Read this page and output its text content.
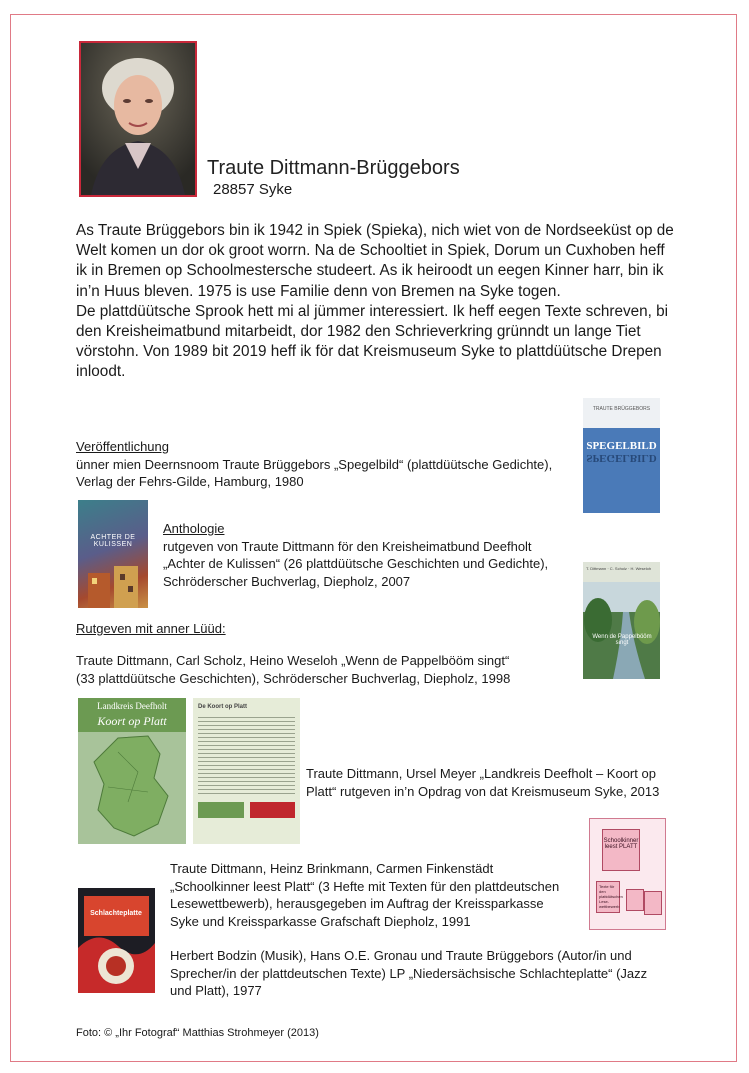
Traute Dittmann-Brüggebors
28857 Syke

As Traute Brüggebors bin ik 1942 in Spiek (Spieka), nich wiet von de Nordseeküst op de Welt komen un dor ok groot worrn. Na de Schooltiet in Spiek, Dorum un Cuxhoben heff ik in Bremen op Schoolmestersche studeert. As ik heiroodt un eegen Kinner harr, bin ik in’n Huus bleven. 1975 is use Familie denn von Bremen na Syke togen.

De plattdüütsche Sprook hett mi al jümmer interessiert. Ik heff eegen Texte schreven, bi den Kreisheimatbund mitarbeidt, dor 1982 den Schrieverkring grünndt un lange Tiet vörstohn. Von 1989 bit 2019 heff ik för dat Kreismuseum Syke to plattdüütsche Drepen inloodt.

Veröffentlichung
ünner mien Deernsnoom Traute Brüggebors „Spegelbild“ (plattdüütsche Gedichte),
Verlag der Fehrs-Gilde, Hamburg, 1980
TRAUTE BRÜGGEBORS
SPEGELBILD
SPEGELBILD
ACHTER DE KULISSEN
Anthologie
rutgeven von Traute Dittmann för den Kreisheimatbund Deefholt
„Achter de Kulissen“ (26 plattdüütsche Geschichten und Gedichte),
Schröderscher Buchverlag, Diepholz, 2007
T. Dittmann · C. Scholz · H. Weseloh
Wenn de Pappelbööm singt
Rutgeven mit anner Lüüd:
Traute Dittmann, Carl Scholz, Heino Weseloh „Wenn de Pappelbööm singt“
(33 plattdüütsche Geschichten), Schröderscher Buchverlag, Diepholz, 1998
Landkreis Deefholt
Koort op Platt
De Koort op Platt
Traute Dittmann, Ursel Meyer „Landkreis Deefholt – Koort op
Platt“ rutgeven in’n Opdrag von dat Kreismuseum Syke, 2013
Schoolkinner leest PLATT
Texte för den plattdütschen Lese-wettbewerb
Traute Dittmann, Heinz Brinkmann, Carmen Finkenstädt
„Schoolkinner leest Platt“ (3 Hefte mit Texten für den plattdeutschen
Lesewettbewerb), herausgegeben im Auftrag der Kreissparkasse
Syke und Kreissparkasse Grafschaft Diepholz, 1991
Schlachteplatte
Herbert Bodzin (Musik), Hans O.E. Gronau und Traute Brüggebors (Autor/in und
Sprecher/in der plattdeutschen Texte) LP „Niedersächsische Schlachteplatte“ (Jazz
und Platt), 1977
Foto: © „Ihr Fotograf“ Matthias Strohmeyer (2013)
